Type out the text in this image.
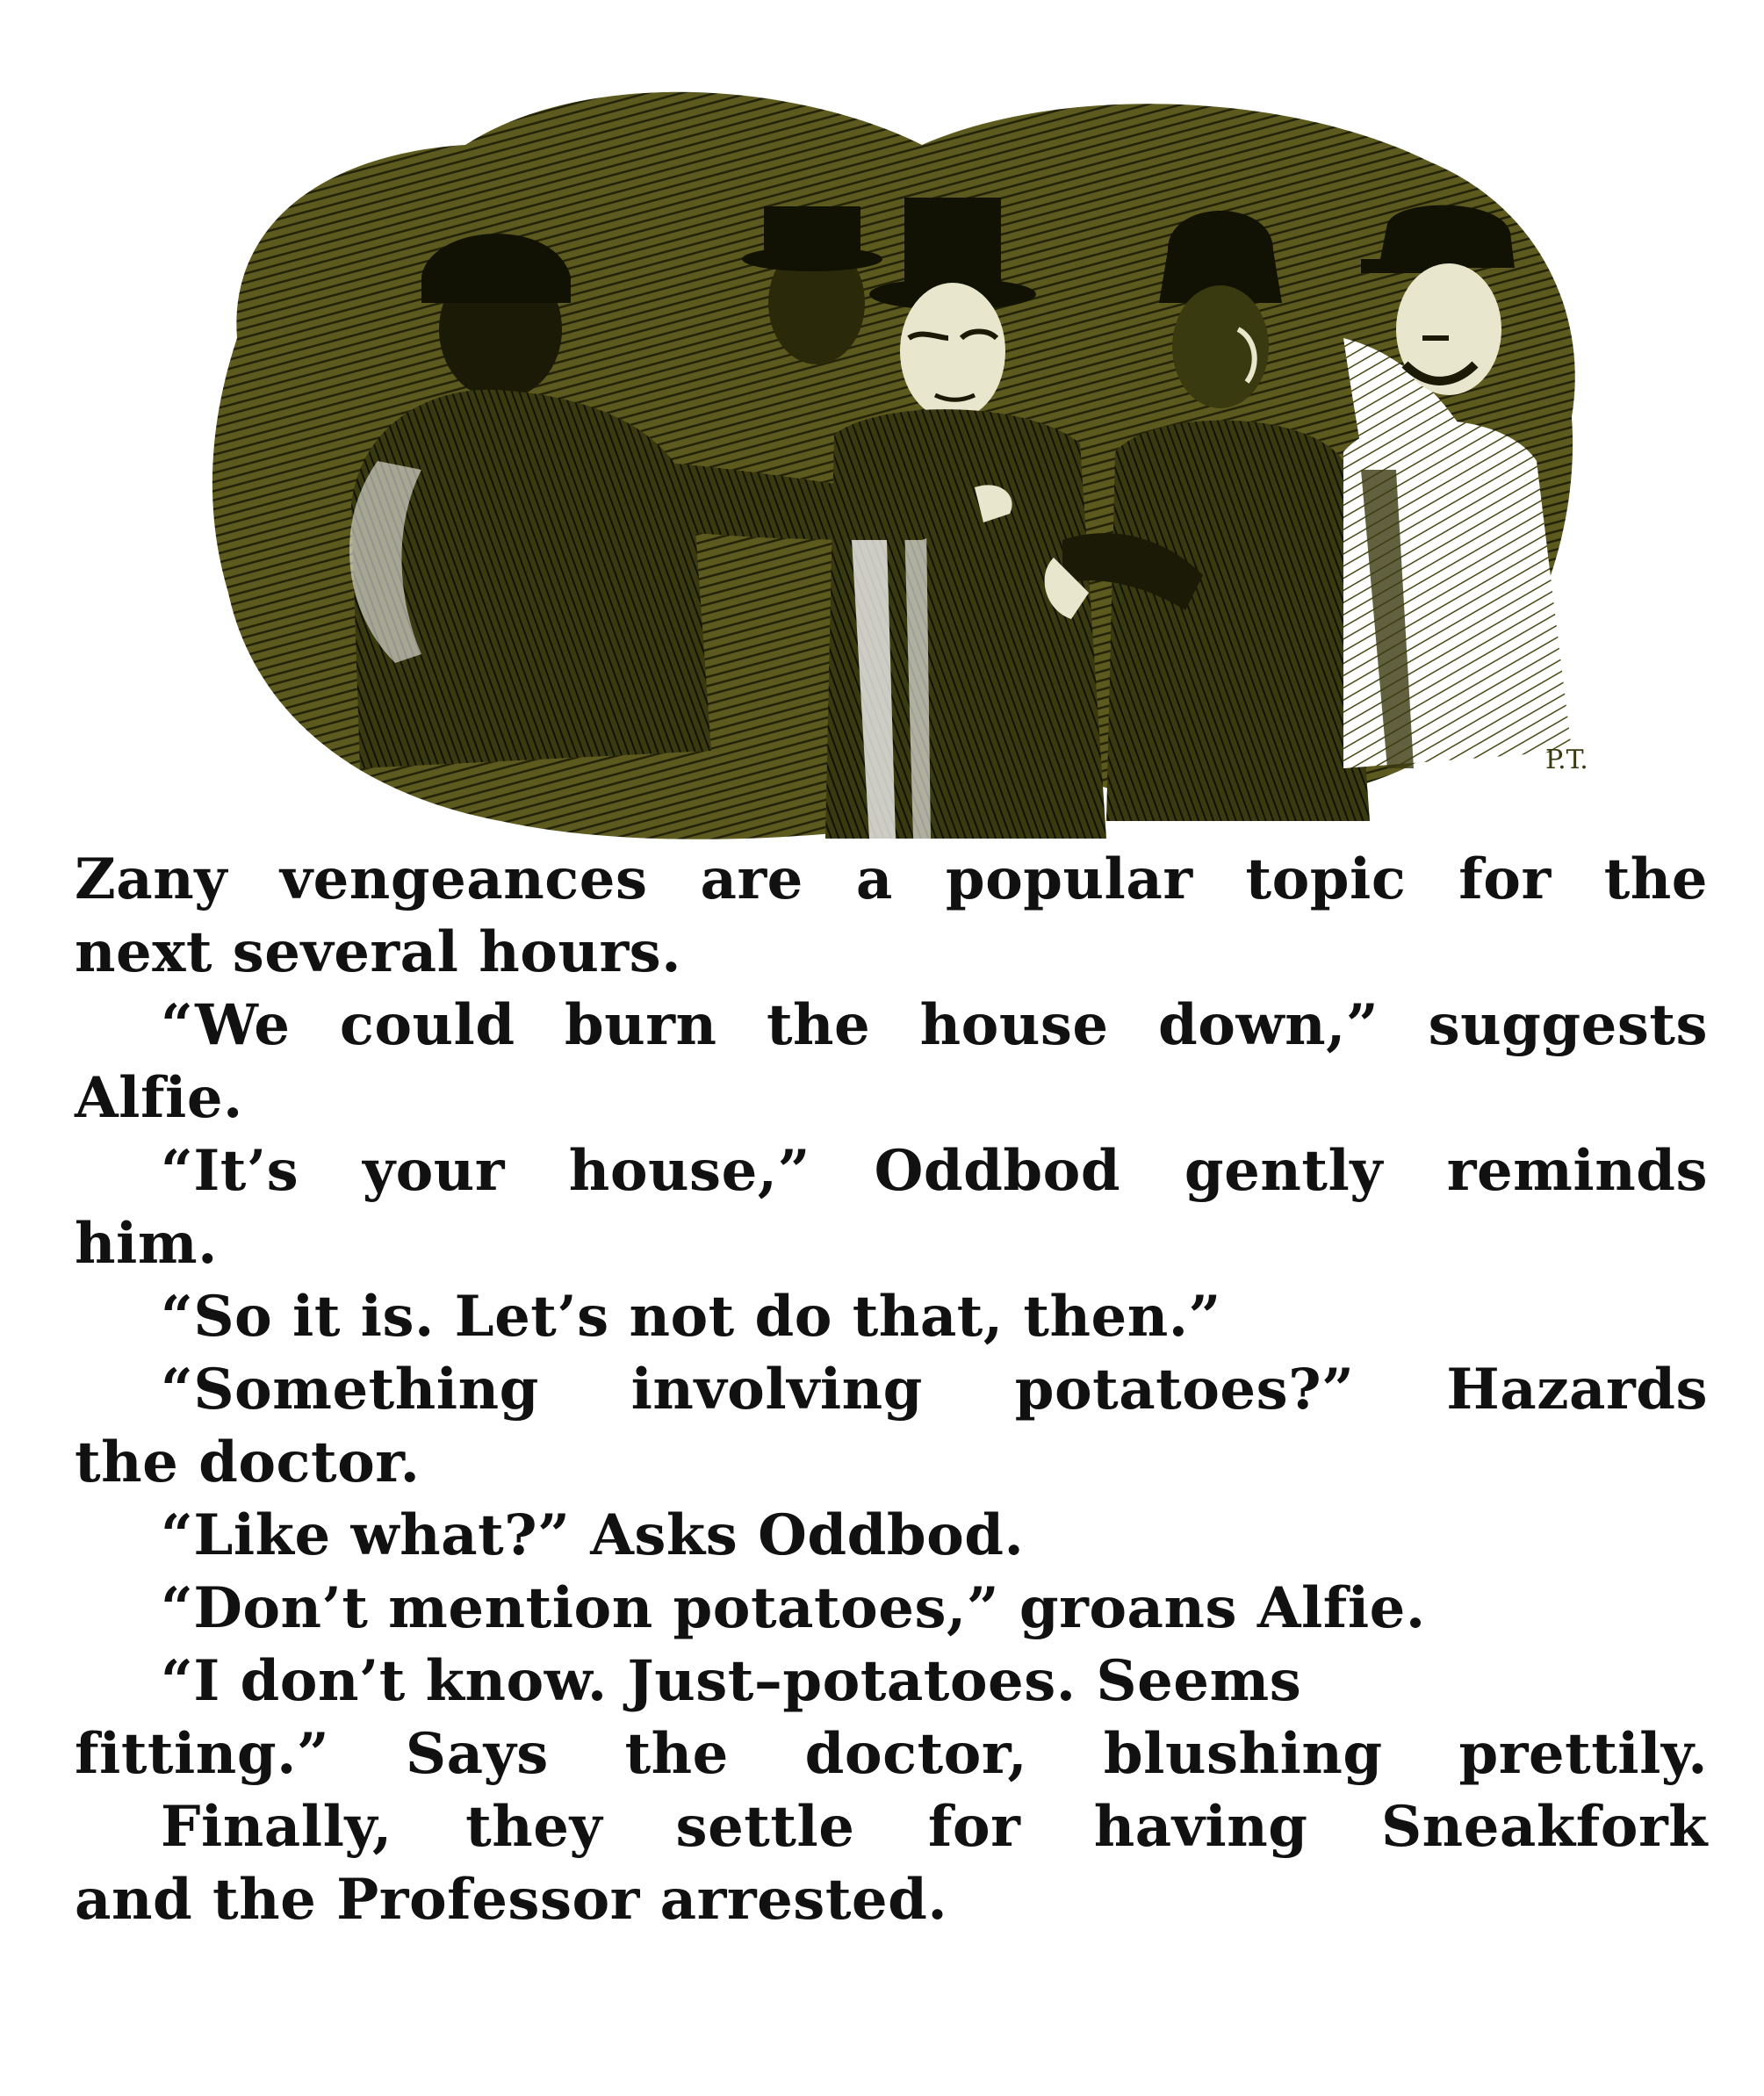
P.T.
Zany vengeances are a popular topic for the
next several hours.
“We could burn the house down,” suggests
Alfie.
“It’s your house,” Oddbod gently reminds
him.
“So it is. Let’s not do that, then.”
“Something involving potatoes?” Hazards
the doctor.
“Like what?” Asks Oddbod.
“Don’t mention potatoes,” groans Alfie.
“I don’t know. Just–potatoes. Seems
fitting.” Says the doctor, blushing prettily.
Finally, they settle for having Sneakfork
and the Professor arrested.
